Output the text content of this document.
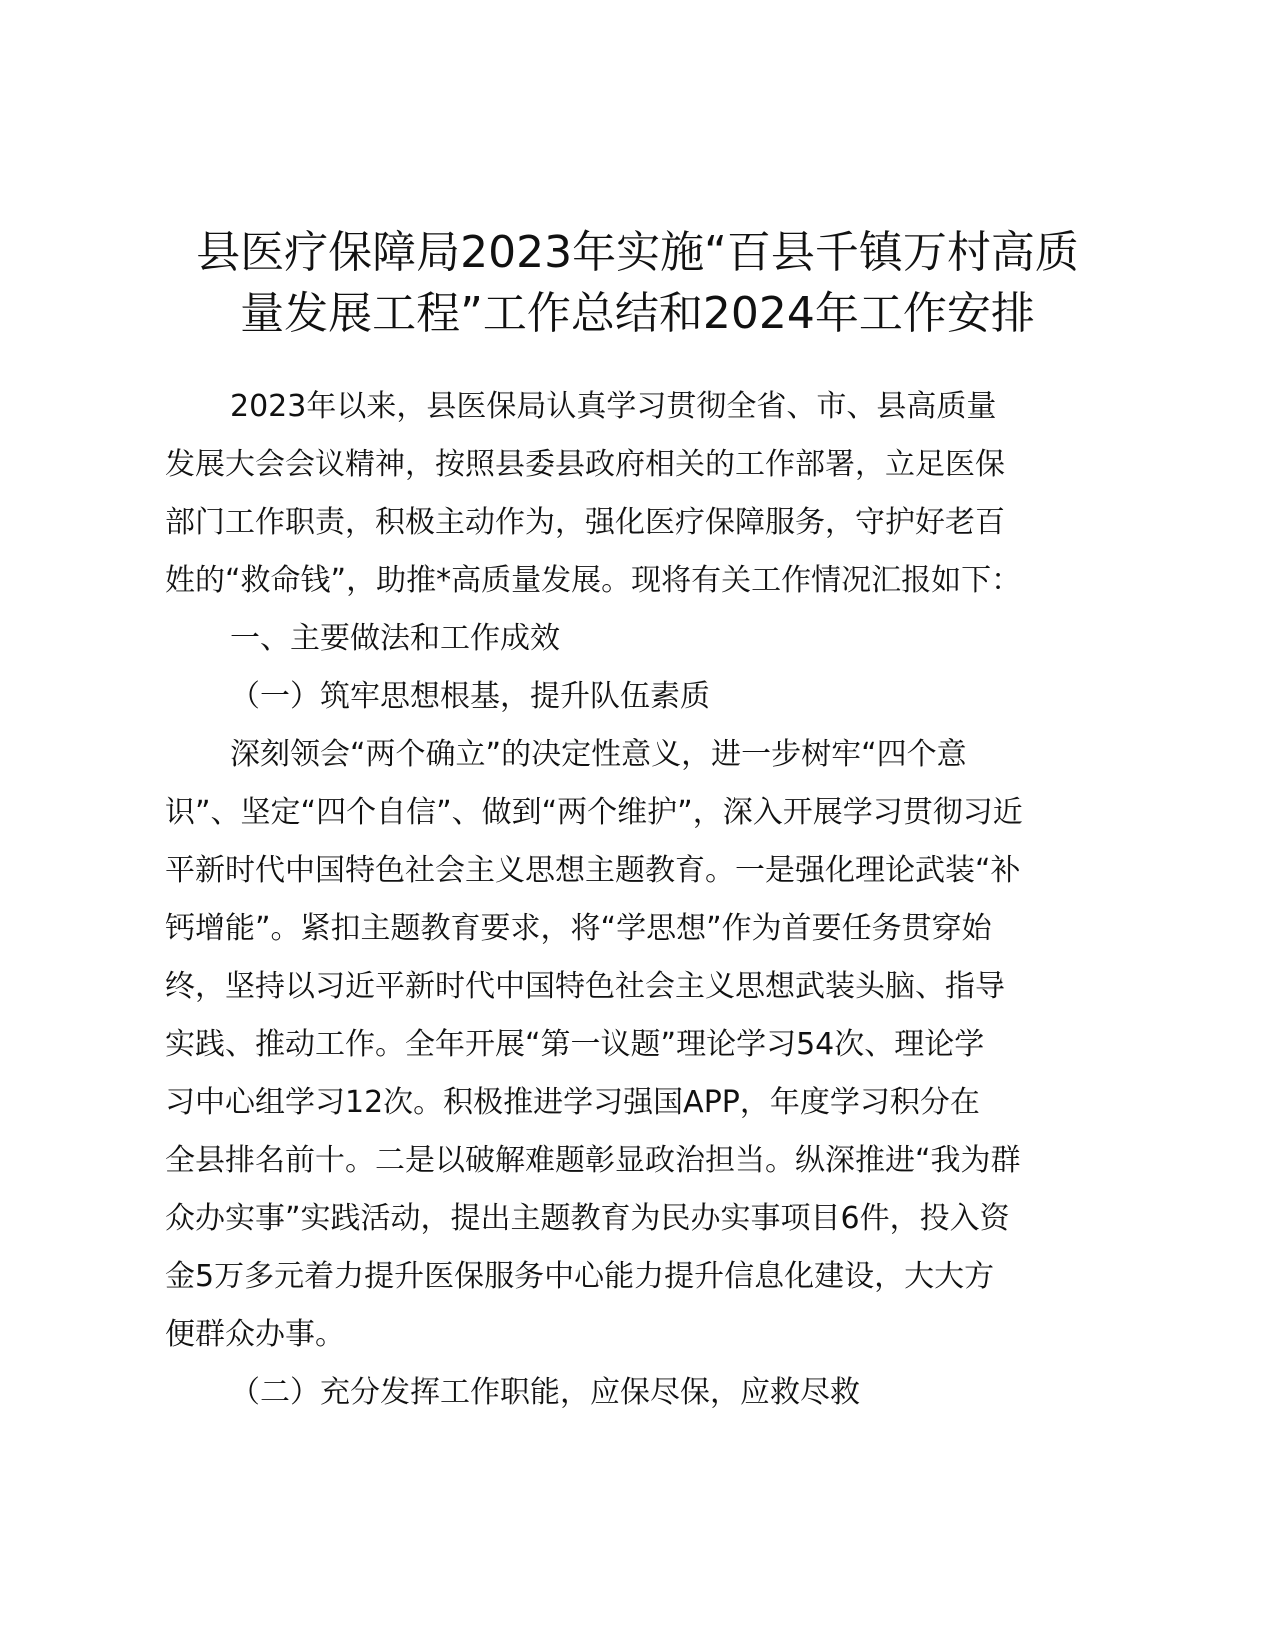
县医疗保障局2023年实施“百县千镇万村高质
量发展工程”工作总结和2024年工作安排
2023年以来，县医保局认真学习贯彻全省、市、县高质量
发展大会会议精神，按照县委县政府相关的工作部署，立足医保
部门工作职责，积极主动作为，强化医疗保障服务，守护好老百
姓的“救命钱”，助推*高质量发展。现将有关工作情况汇报如下：
一、主要做法和工作成效
（一）筑牢思想根基，提升队伍素质
深刻领会“两个确立”的决定性意义，进一步树牢“四个意
识”、坚定“四个自信”、做到“两个维护”，深入开展学习贯彻习近
平新时代中国特色社会主义思想主题教育。一是强化理论武装“补
钙增能”。紧扣主题教育要求，将“学思想”作为首要任务贯穿始
终，坚持以习近平新时代中国特色社会主义思想武装头脑、指导
实践、推动工作。全年开展“第一议题”理论学习54次、理论学
习中心组学习12次。积极推进学习强国APP，年度学习积分在
全县排名前十。二是以破解难题彰显政治担当。纵深推进“我为群
众办实事”实践活动，提出主题教育为民办实事项目6件，投入资
金5万多元着力提升医保服务中心能力提升信息化建设，大大方
便群众办事。
（二）充分发挥工作职能，应保尽保，应救尽救
